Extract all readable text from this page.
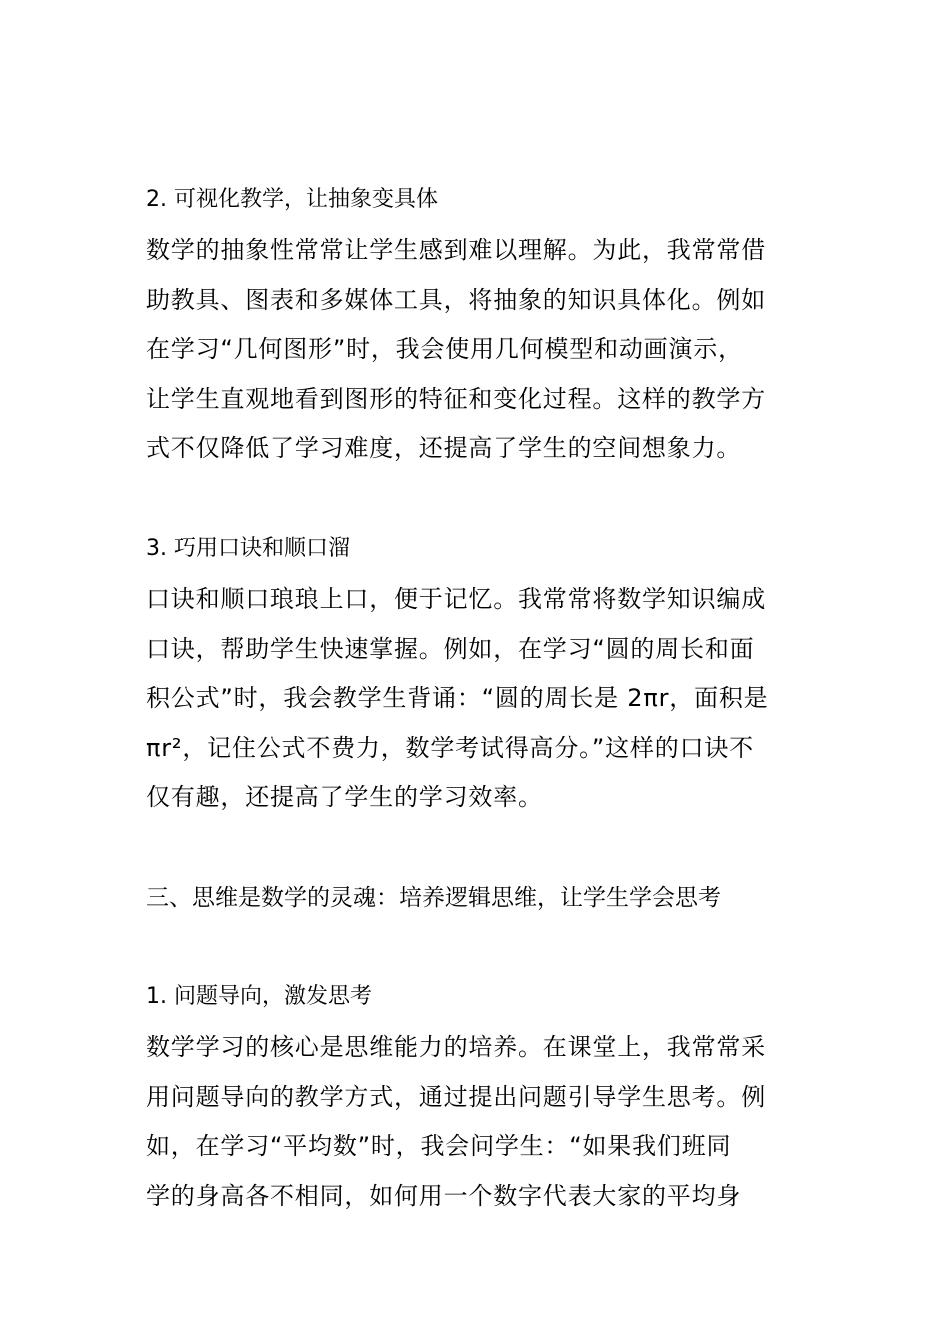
2. 可视化教学，让抽象变具体
数学的抽象性常常让学生感到难以理解。为此，我常常借
助教具、图表和多媒体工具，将抽象的知识具体化。例如
在学习“几何图形”时，我会使用几何模型和动画演示，
让学生直观地看到图形的特征和变化过程。这样的教学方
式不仅降低了学习难度，还提高了学生的空间想象力。
3. 巧用口诀和顺口溜
口诀和顺口琅琅上口，便于记忆。我常常将数学知识编成
口诀，帮助学生快速掌握。例如，在学习“圆的周长和面
积公式”时，我会教学生背诵：“圆的周长是 2πr，面积是
πr²，记住公式不费力，数学考试得高分。”这样的口诀不
仅有趣，还提高了学生的学习效率。
三、思维是数学的灵魂：培养逻辑思维，让学生学会思考
1. 问题导向，激发思考
数学学习的核心是思维能力的培养。在课堂上，我常常采
用问题导向的教学方式，通过提出问题引导学生思考。例
如，在学习“平均数”时，我会问学生：“如果我们班同
学的身高各不相同，如何用一个数字代表大家的平均身
